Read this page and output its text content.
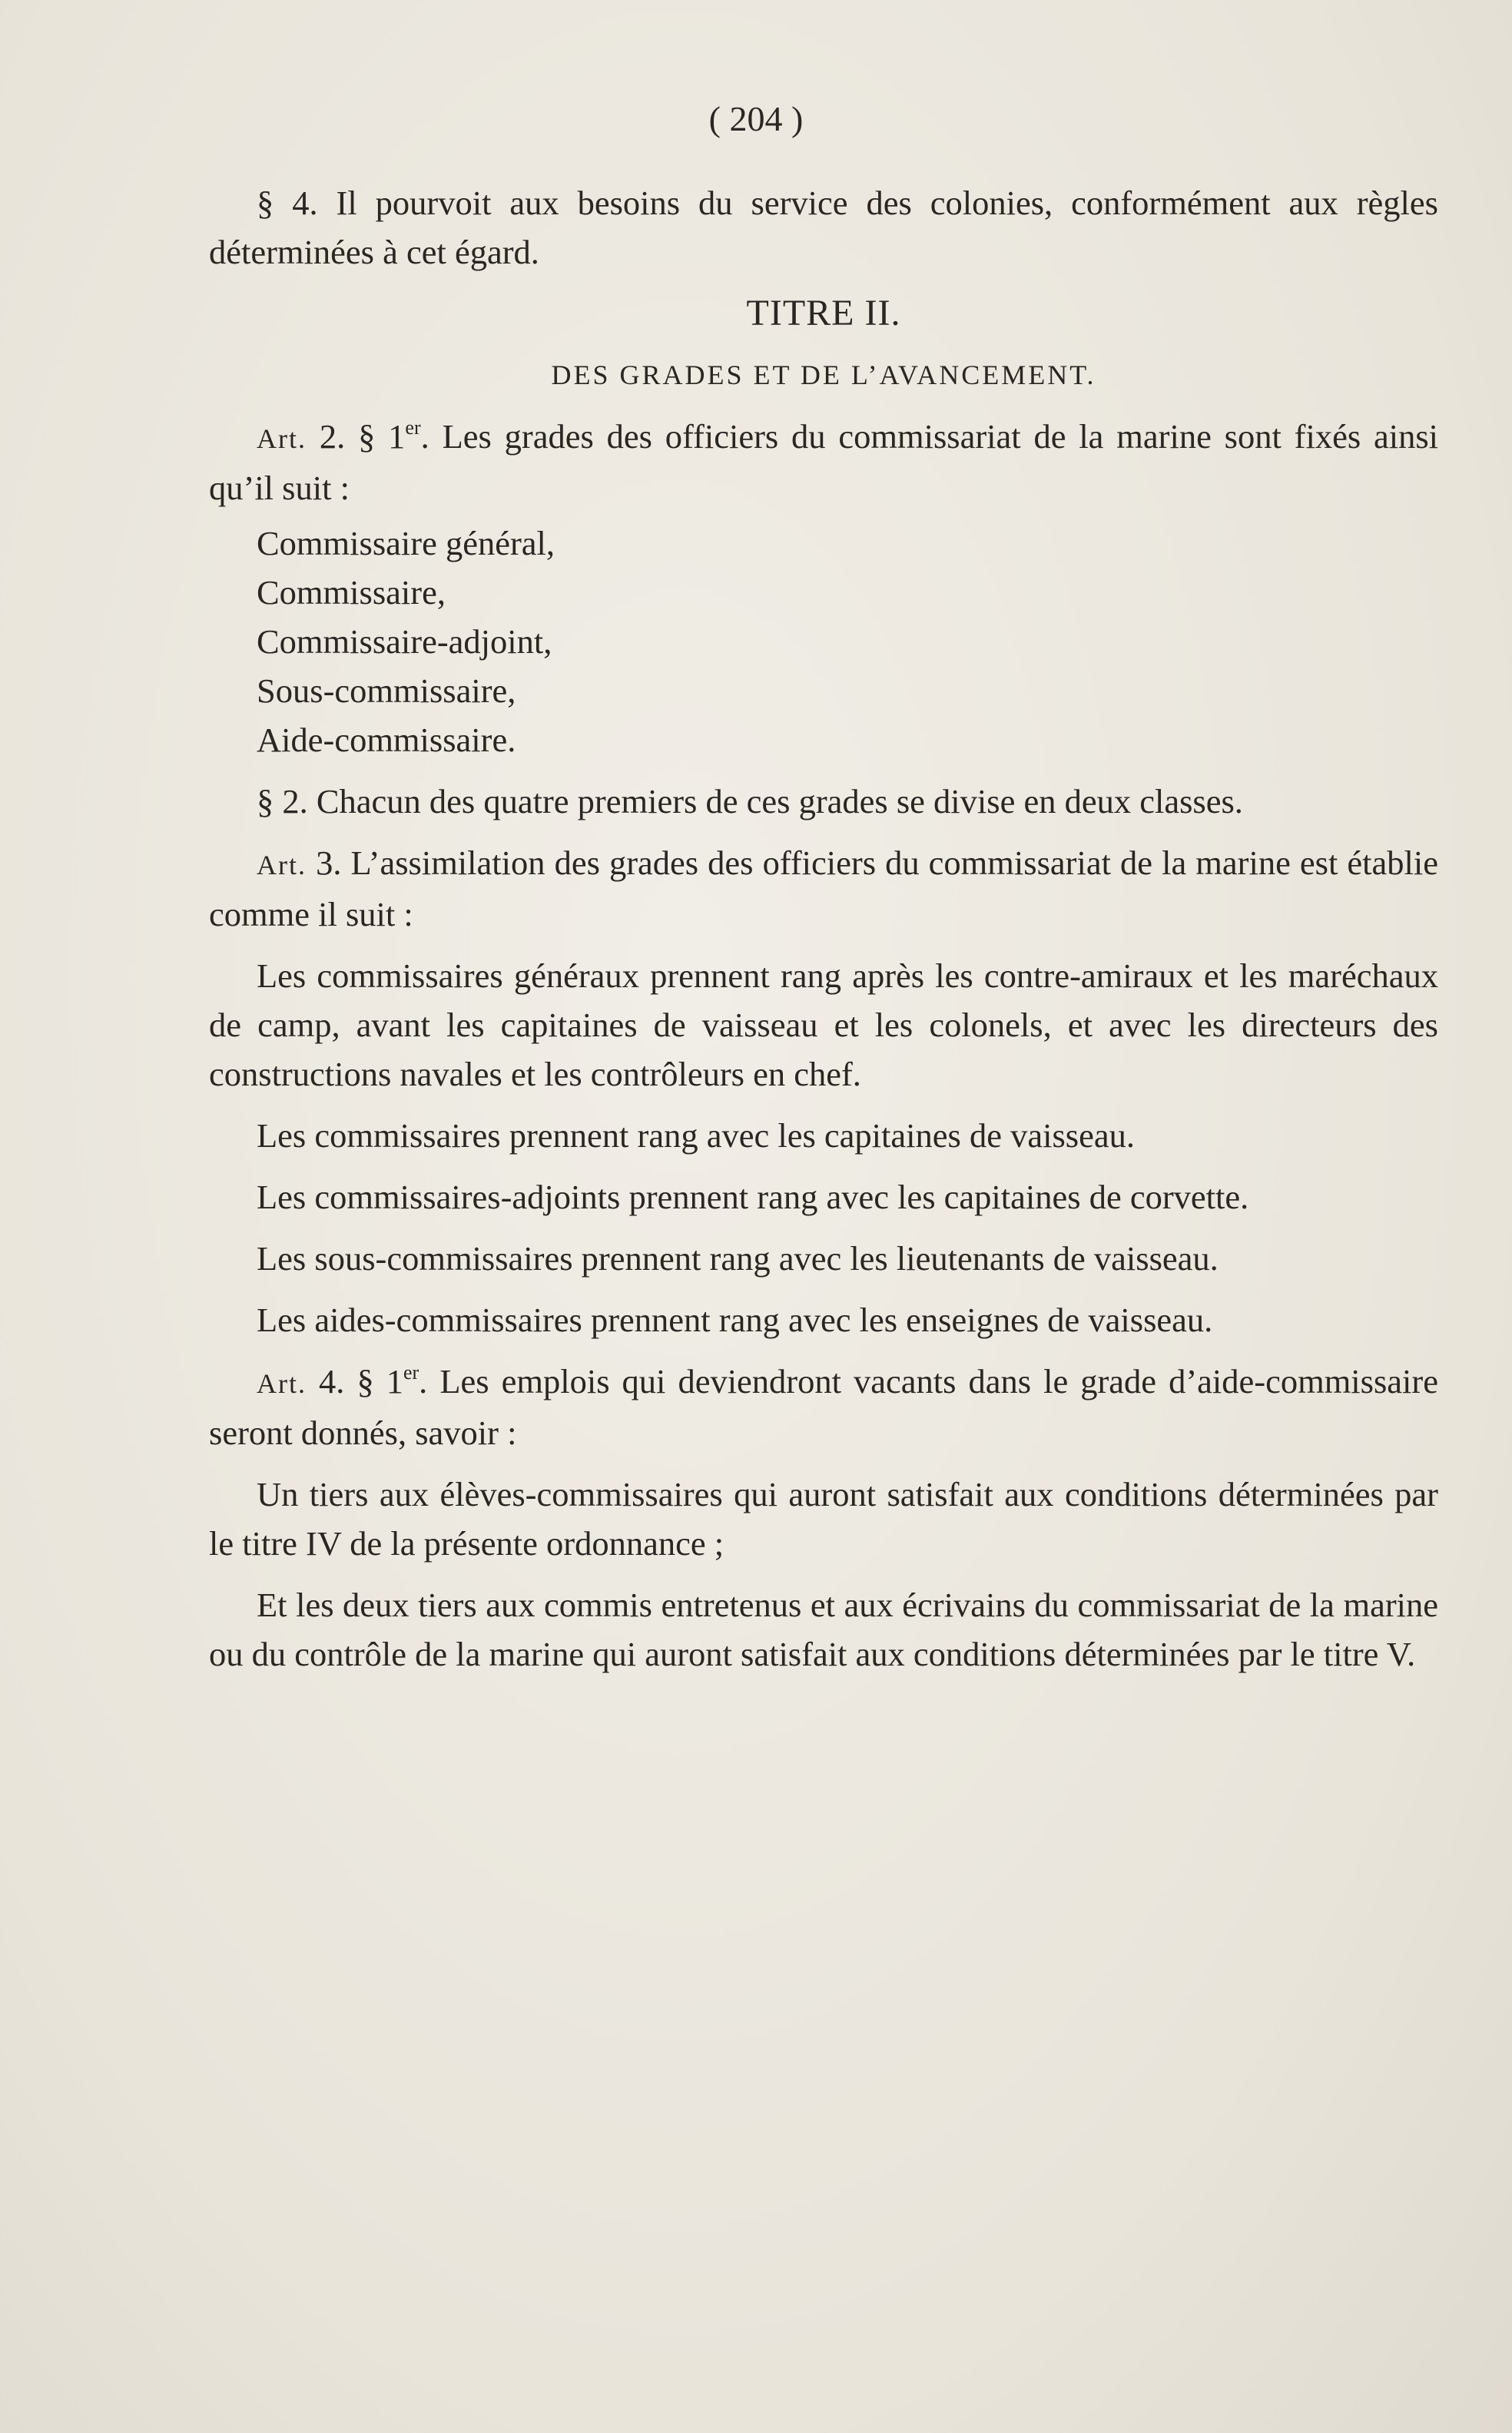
( 204 )

§ 4. Il pourvoit aux besoins du service des colonies, conformément aux règles déterminées à cet égard.

TITRE II.

DES GRADES ET DE L’AVANCEMENT.

Art. 2. § 1er. Les grades des officiers du commissariat de la marine sont fixés ainsi qu’il suit :

Commissaire général,
Commissaire,
Commissaire-adjoint,
Sous-commissaire,
Aide-commissaire.

§ 2. Chacun des quatre premiers de ces grades se divise en deux classes.

Art. 3. L’assimilation des grades des officiers du commissariat de la marine est établie comme il suit :

Les commissaires généraux prennent rang après les contre-amiraux et les maréchaux de camp, avant les capitaines de vaisseau et les colonels, et avec les directeurs des constructions navales et les contrôleurs en chef.

Les commissaires prennent rang avec les capitaines de vaisseau.

Les commissaires-adjoints prennent rang avec les capitaines de corvette.

Les sous-commissaires prennent rang avec les lieutenants de vaisseau.

Les aides-commissaires prennent rang avec les enseignes de vaisseau.

Art. 4. § 1er. Les emplois qui deviendront vacants dans le grade d’aide-commissaire seront donnés, savoir :

Un tiers aux élèves-commissaires qui auront satisfait aux conditions déterminées par le titre IV de la présente ordonnance ;

Et les deux tiers aux commis entretenus et aux écrivains du commissariat de la marine ou du contrôle de la marine qui auront satisfait aux conditions déterminées par le titre V.
